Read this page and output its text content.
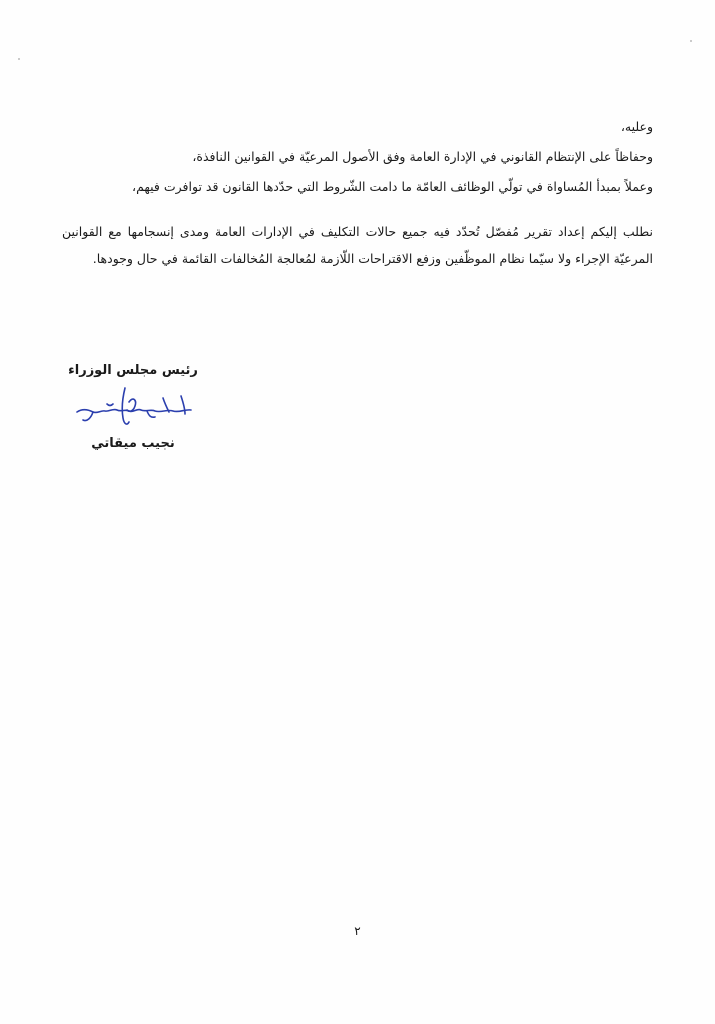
وعليه،

وحفاظاً على الإنتظام القانوني في الإدارة العامة وفق الأصول المرعيّة في القوانين النافذة،

وعملاً بمبدأ المُساواة في تولّي الوظائف العامّة ما دامت الشّروط التي حدّدها القانون قد توافرت فيهم،

نطلب إليكم إعداد تقرير مُفصّل تُحدّد فيه جميع حالات التكليف في الإدارات العامة ومدى إنسجامها مع القوانين المرعيّة الإجراء ولا سيّما نظام الموظّفين وزفع الاقتراحات اللّازمة لمُعالجة المُخالفات القائمة في حال وجودها.

رئيس مجلس الوزراء

نجيب ميقاتي

٢
